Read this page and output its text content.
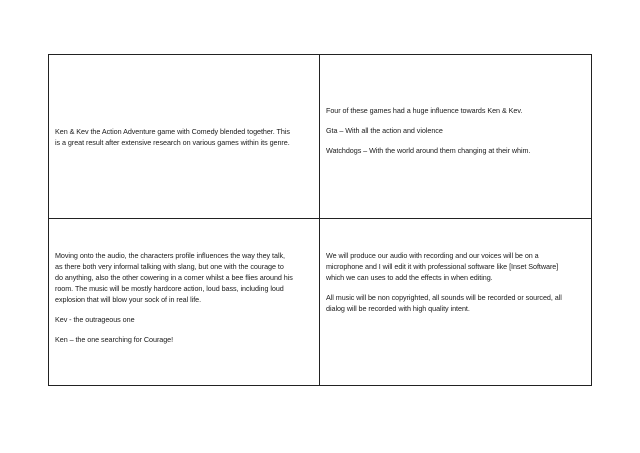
Ken & Kev the Action Adventure game with Comedy blended together. This
is a great result after extensive research on various games within its genre.

Four of these games had a huge influence towards Ken & Kev.

Gta – With all the action and violence

Watchdogs – With the world around them changing at their whim.

Moving onto the audio, the characters profile influences the way they talk,
as there both very informal talking with slang, but one with the courage to
do anything, also the other cowering in a corner whilst a bee flies around his
room. The music will be mostly hardcore action, loud bass, including loud
explosion that will blow your sock of in real life.

Kev - the outrageous one

Ken – the one searching for Courage!

We will produce our audio with recording and our voices will be on a
microphone and I will edit it with professional software like [Inset Software]
which we can uses to add the effects in when editing.

All music will be non copyrighted, all sounds will be recorded or sourced, all
dialog will be recorded with high quality intent.
